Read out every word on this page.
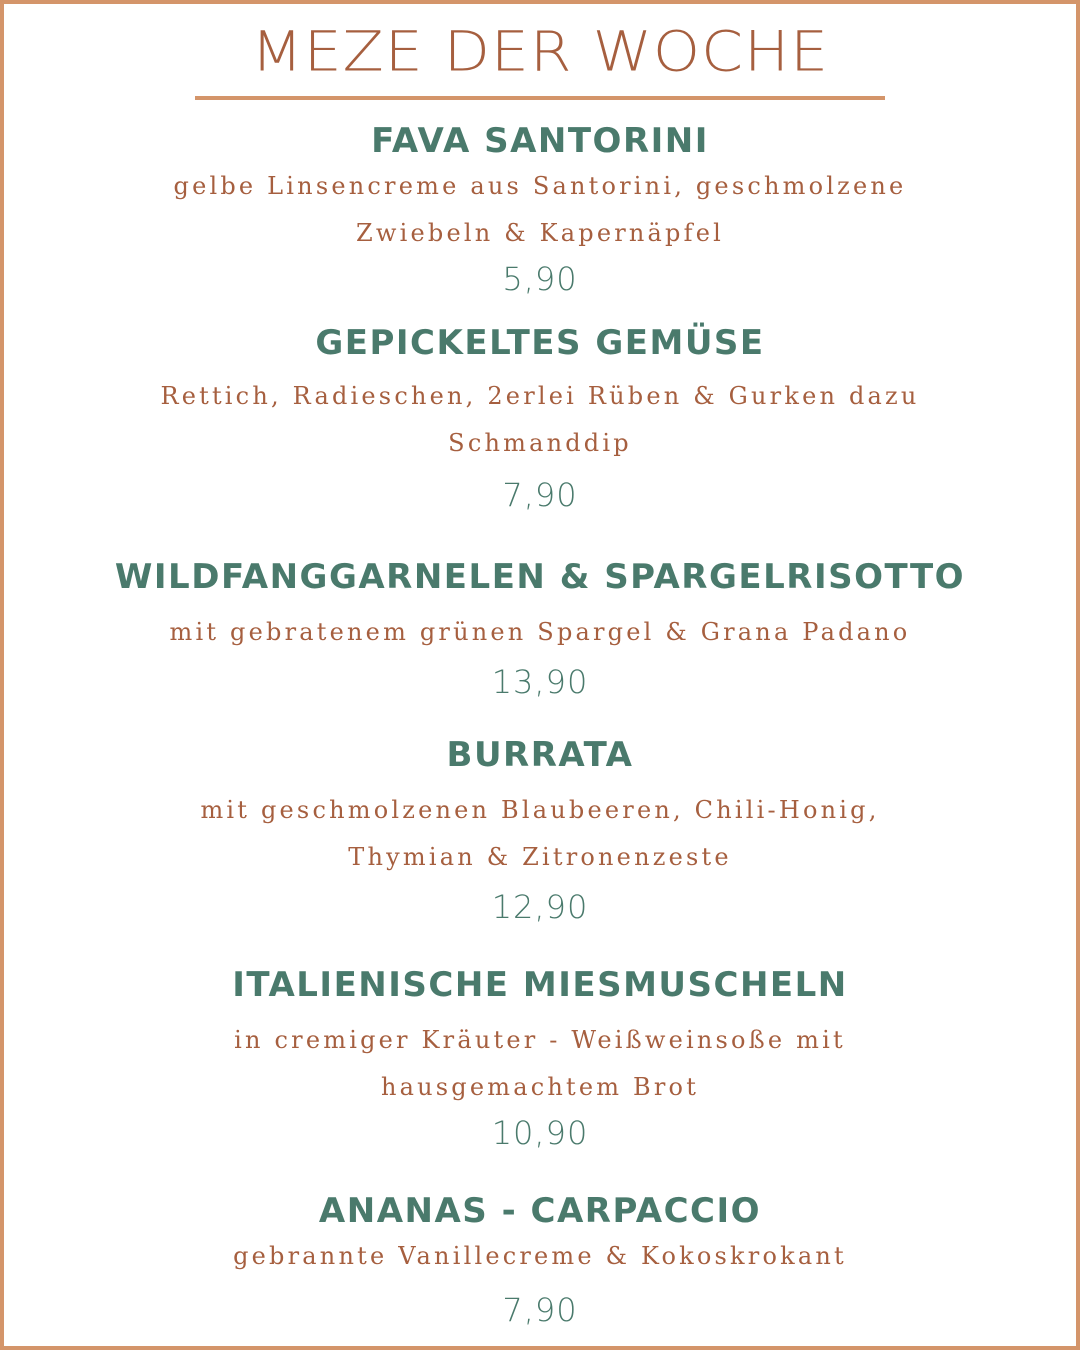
MEZE DER WOCHE

FAVA SANTORINI

gelbe Linsencreme aus Santorini, geschmolzene
Zwiebeln & Kapernäpfel

5,90

GEPICKELTES GEMÜSE

Rettich, Radieschen, 2erlei Rüben & Gurken dazu
Schmanddip

7,90

WILDFANGGARNELEN & SPARGELRISOTTO

mit gebratenem grünen Spargel & Grana Padano

13,90

BURRATA

mit geschmolzenen Blaubeeren, Chili-Honig,
Thymian & Zitronenzeste

12,90

ITALIENISCHE MIESMUSCHELN

in cremiger Kräuter - Weißweinsoße mit
hausgemachtem Brot

10,90

ANANAS - CARPACCIO

gebrannte Vanillecreme & Kokoskrokant

7,90
